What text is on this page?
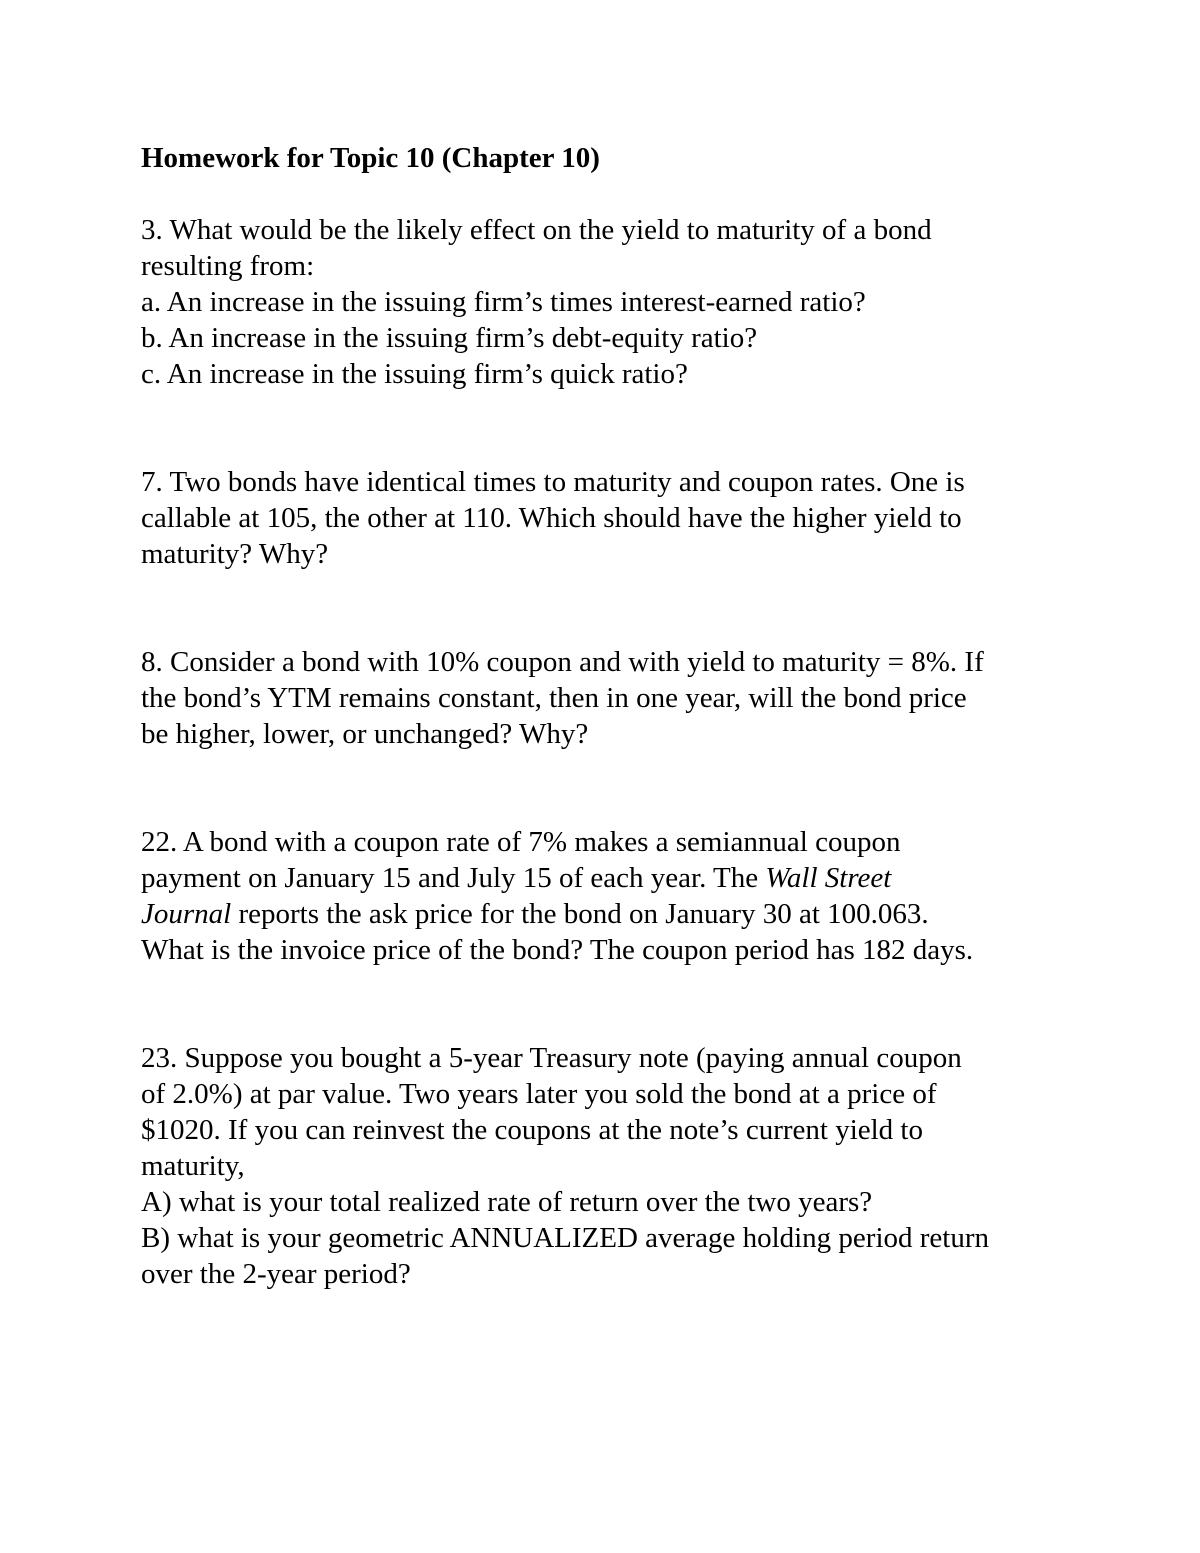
Homework for Topic 10 (Chapter 10)
3. What would be the likely effect on the yield to maturity of a bond
resulting from:
a. An increase in the issuing firm’s times interest-earned ratio?
b. An increase in the issuing firm’s debt-equity ratio?
c. An increase in the issuing firm’s quick ratio?
7. Two bonds have identical times to maturity and coupon rates. One is
callable at 105, the other at 110. Which should have the higher yield to
maturity? Why?
8. Consider a bond with 10% coupon and with yield to maturity = 8%. If
the bond’s YTM remains constant, then in one year, will the bond price
be higher, lower, or unchanged? Why?
22. A bond with a coupon rate of 7% makes a semiannual coupon
payment on January 15 and July 15 of each year. The Wall Street
Journal reports the ask price for the bond on January 30 at 100.063.
What is the invoice price of the bond? The coupon period has 182 days.
23. Suppose you bought a 5-year Treasury note (paying annual coupon
of 2.0%) at par value. Two years later you sold the bond at a price of
$1020. If you can reinvest the coupons at the note’s current yield to
maturity,
A) what is your total realized rate of return over the two years?
B) what is your geometric ANNUALIZED average holding period return
over the 2-year period?
